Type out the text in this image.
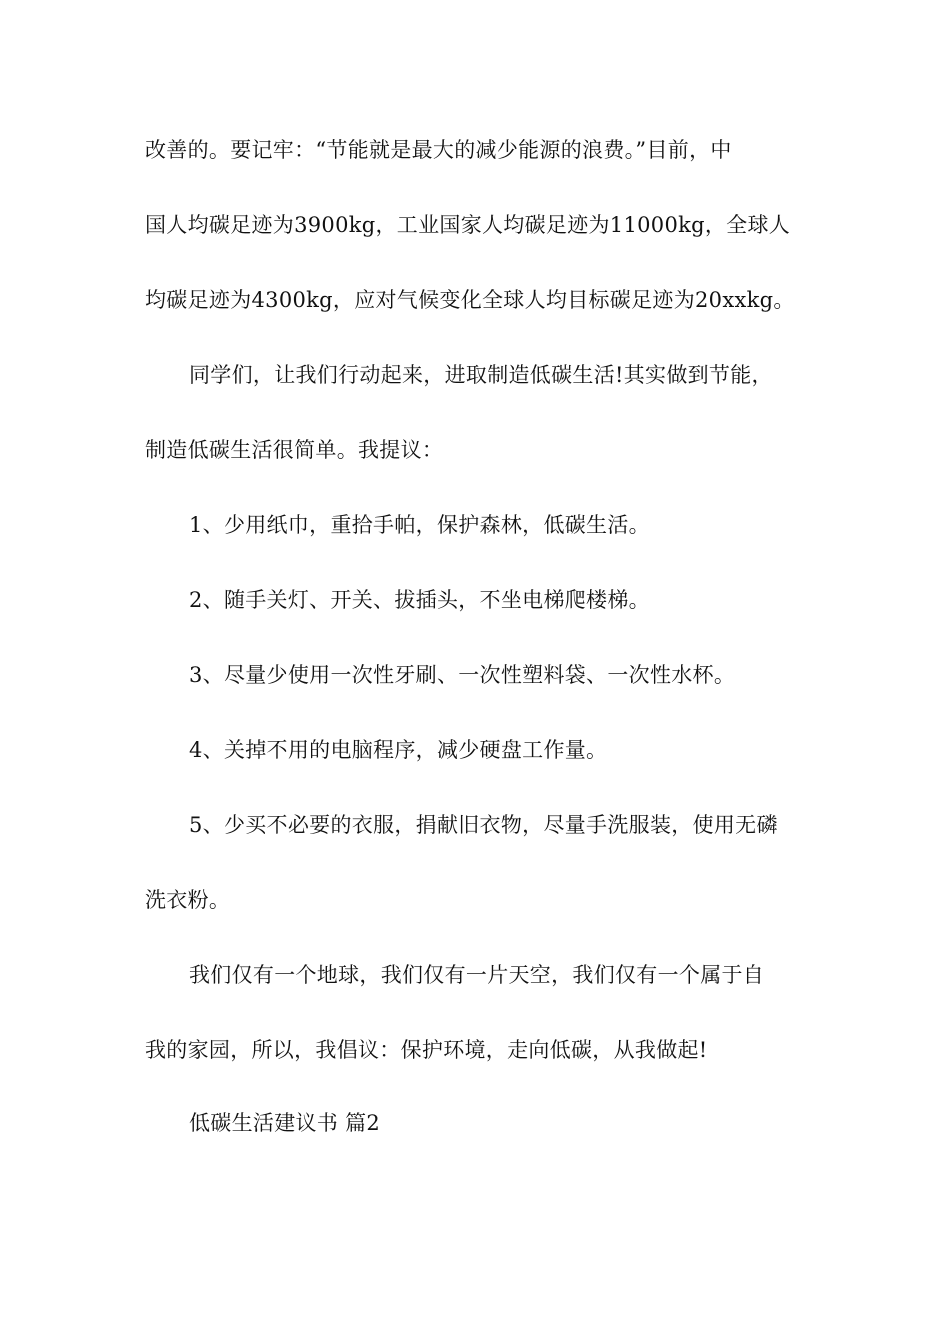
改善的。要记牢：“节能就是最大的减少能源的浪费。”目前，中
国人均碳足迹为3900kg，工业国家人均碳足迹为11000kg，全球人
均碳足迹为4300kg，应对气候变化全球人均目标碳足迹为20xxkg。
同学们，让我们行动起来，进取制造低碳生活!其实做到节能，
制造低碳生活很简单。我提议：
1、少用纸巾，重拾手帕，保护森林，低碳生活。
2、随手关灯、开关、拔插头，不坐电梯爬楼梯。
3、尽量少使用一次性牙刷、一次性塑料袋、一次性水杯。
4、关掉不用的电脑程序，减少硬盘工作量。
5、少买不必要的衣服，捐献旧衣物，尽量手洗服装，使用无磷
洗衣粉。
我们仅有一个地球，我们仅有一片天空，我们仅有一个属于自
我的家园，所以，我倡议：保护环境，走向低碳，从我做起!
低碳生活建议书 篇2
